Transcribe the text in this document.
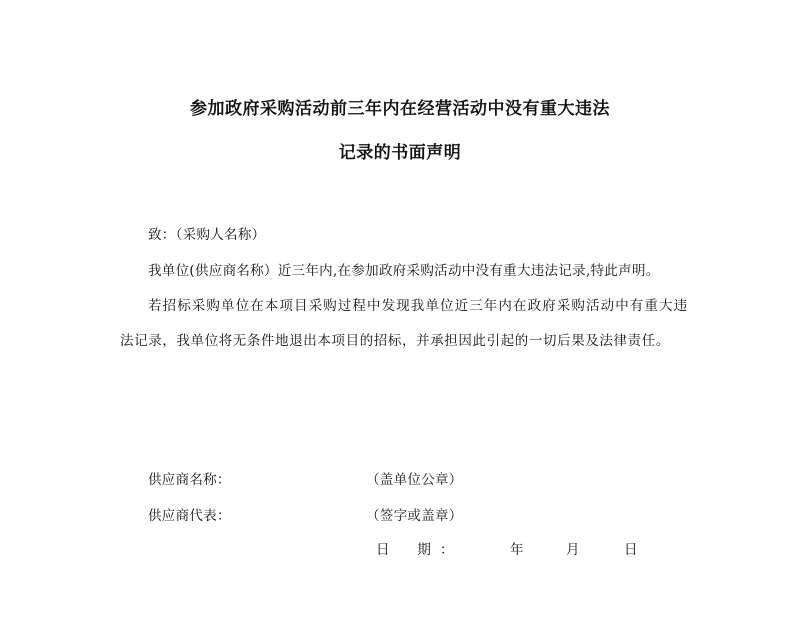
参加政府采购活动前三年内在经营活动中没有重大违法
记录的书面声明
致：（采购人名称）
我单位(供应商名称）近三年内,在参加政府采购活动中没有重大违法记录,特此声明。
若招标采购单位在本项目采购过程中发现我单位近三年内在政府采购活动中有重大违
法记录，我单位将无条件地退出本项目的招标，并承担因此引起的一切后果及法律责任。
供应商名称：	（盖单位公章）
供应商代表：	（签字或盖章）
日　　期 ：	年	月	日
